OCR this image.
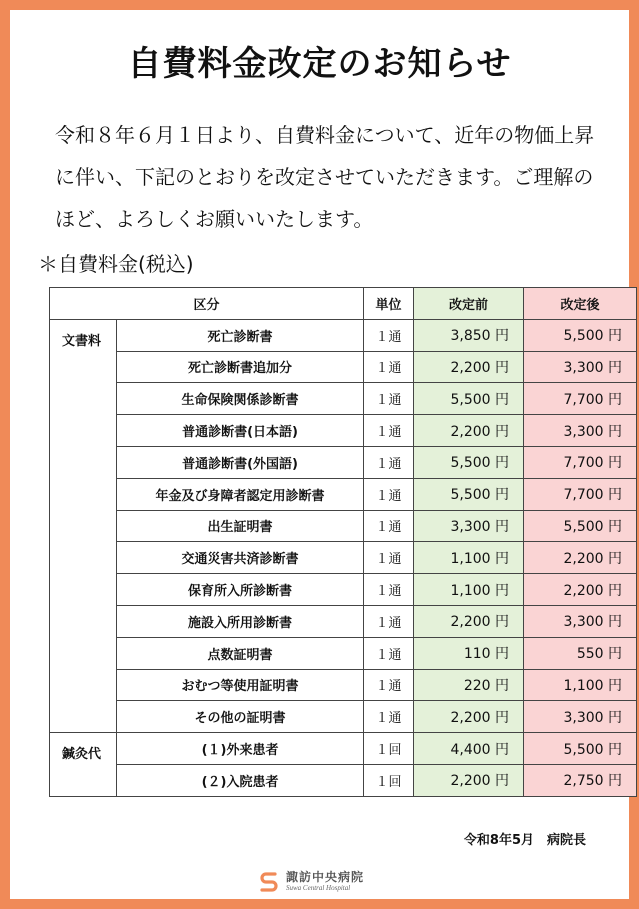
自費料金改定のお知らせ
令和８年６月１日より、自費料金について、近年の物価上昇
に伴い、下記のとおりを改定させていただきます。ご理解の
ほど、よろしくお願いいたします。
＊自費料金(税込)
区分		単位	改定前	改定後
文書料	死亡診断書	１通	3,850 円	5,500 円
	死亡診断書追加分	１通	2,200 円	3,300 円
	生命保険関係診断書	１通	5,500 円	7,700 円
	普通診断書(日本語)	１通	2,200 円	3,300 円
	普通診断書(外国語)	１通	5,500 円	7,700 円
	年金及び身障者認定用診断書	１通	5,500 円	7,700 円
	出生証明書	１通	3,300 円	5,500 円
	交通災害共済診断書	１通	1,100 円	2,200 円
	保育所入所診断書	１通	1,100 円	2,200 円
	施設入所用診断書	１通	2,200 円	3,300 円
	点数証明書	１通	110 円	550 円
	おむつ等使用証明書	１通	220 円	1,100 円
	その他の証明書	１通	2,200 円	3,300 円
鍼灸代	(１)外来患者	１回	4,400 円	5,500 円
	(２)入院患者	１回	2,200 円	2,750 円
令和8年5月　病院長
諏訪中央病院
Suwa Central Hospital
